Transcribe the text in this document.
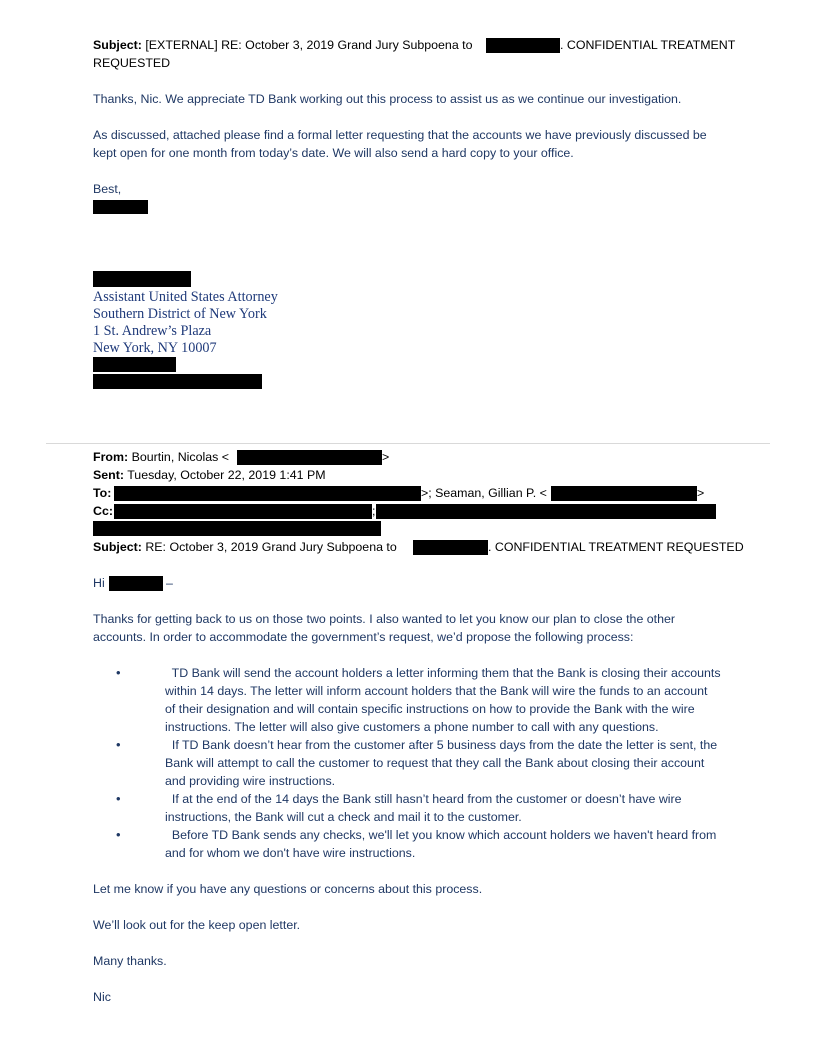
Subject: [EXTERNAL] RE: October 3, 2019 Grand Jury Subpoena to	. CONFIDENTIAL TREATMENT
REQUESTED
Thanks, Nic. We appreciate TD Bank working out this process to assist us as we continue our investigation.
As discussed, attached please find a formal letter requesting that the accounts we have previously discussed be
kept open for one month from today’s date. We will also send a hard copy to your office.
Best,
Assistant United States Attorney
Southern District of New York
1 St. Andrew’s Plaza
New York, NY 10007
From: Bourtin, Nicolas <	>
Sent: Tuesday, October 22, 2019 1:41 PM
To:	>; Seaman, Gillian P. <	>
Cc:	;
;
Subject: RE: October 3, 2019 Grand Jury Subpoena to	. CONFIDENTIAL TREATMENT REQUESTED
Hi	–
Thanks for getting back to us on those two points. I also wanted to let you know our plan to close the other
accounts. In order to accommodate the government’s request, we’d propose the following process:
•	TD Bank will send the account holders a letter informing them that the Bank is closing their accounts
within 14 days. The letter will inform account holders that the Bank will wire the funds to an account
of their designation and will contain specific instructions on how to provide the Bank with the wire
instructions. The letter will also give customers a phone number to call with any questions.
•	If TD Bank doesn’t hear from the customer after 5 business days from the date the letter is sent, the
Bank will attempt to call the customer to request that they call the Bank about closing their account
and providing wire instructions.
•	If at the end of the 14 days the Bank still hasn’t heard from the customer or doesn’t have wire
instructions, the Bank will cut a check and mail it to the customer.
•	Before TD Bank sends any checks, we'll let you know which account holders we haven't heard from
and for whom we don't have wire instructions.
Let me know if you have any questions or concerns about this process.
We’ll look out for the keep open letter.
Many thanks.
Nic
